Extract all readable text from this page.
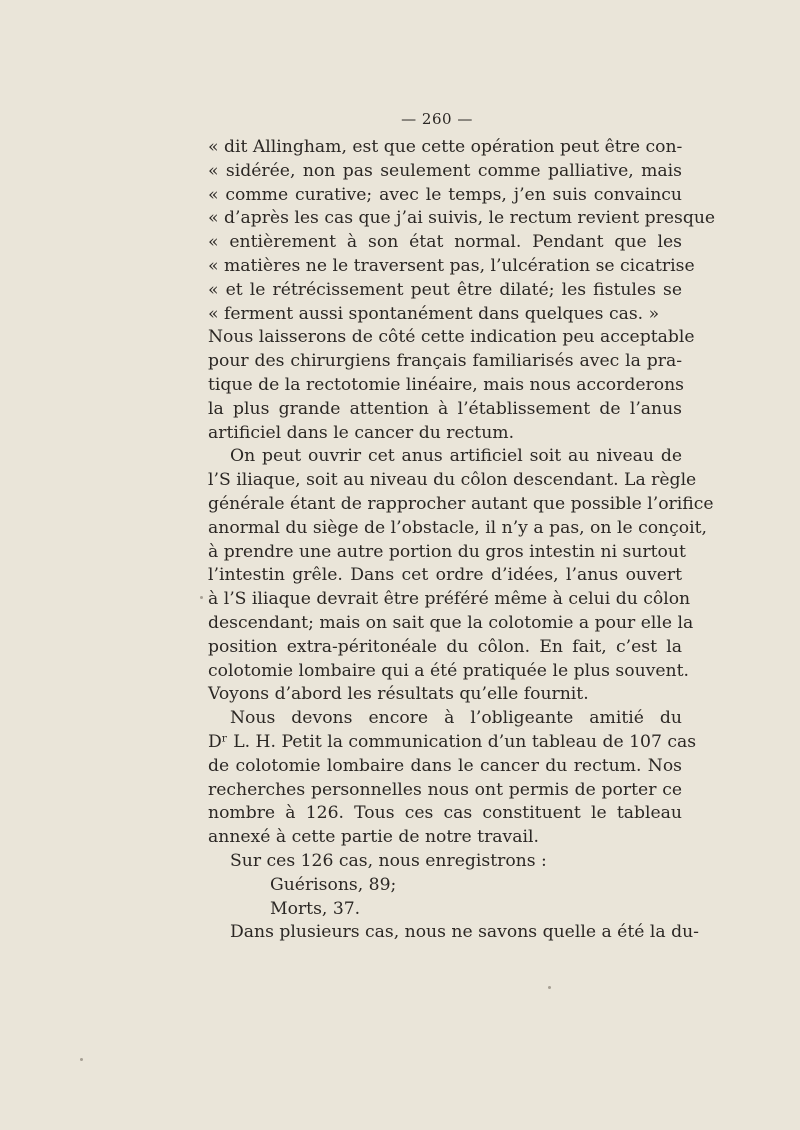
— 260 —
« dit Allingham, est que cette opération peut être con-
« sidérée, non pas seulement comme palliative, mais
« comme curative; avec le temps, j’en suis convaincu
« d’après les cas que j’ai suivis, le rectum revient presque
« entièrement à son état normal. Pendant que les
« matières ne le traversent pas, l’ulcération se cicatrise
« et le rétrécissement peut être dilaté; les fistules se
« ferment aussi spontanément dans quelques cas. »
Nous laisserons de côté cette indication peu acceptable
pour des chirurgiens français familiarisés avec la pra-
tique de la rectotomie linéaire, mais nous accorderons
la plus grande attention à l’établissement de l’anus
artificiel dans le cancer du rectum.
On peut ouvrir cet anus artificiel soit au niveau de
l’S iliaque, soit au niveau du côlon descendant. La règle
générale étant de rapprocher autant que possible l’orifice
anormal du siège de l’obstacle, il n’y a pas, on le conçoit,
à prendre une autre portion du gros intestin ni surtout
l’intestin grêle. Dans cet ordre d’idées, l’anus ouvert
à l’S iliaque devrait être préféré même à celui du côlon
descendant; mais on sait que la colotomie a pour elle la
position extra-péritonéale du côlon. En fait, c’est la
colotomie lombaire qui a été pratiquée le plus souvent.
Voyons d’abord les résultats qu’elle fournit.
Nous devons encore à l’obligeante amitié du
Dʳ L. H. Petit la communication d’un tableau de 107 cas
de colotomie lombaire dans le cancer du rectum. Nos
recherches personnelles nous ont permis de porter ce
nombre à 126. Tous ces cas constituent le tableau
annexé à cette partie de notre travail.
Sur ces 126 cas, nous enregistrons :
Guérisons, 89;
Morts, 37.
Dans plusieurs cas, nous ne savons quelle a été la du-
